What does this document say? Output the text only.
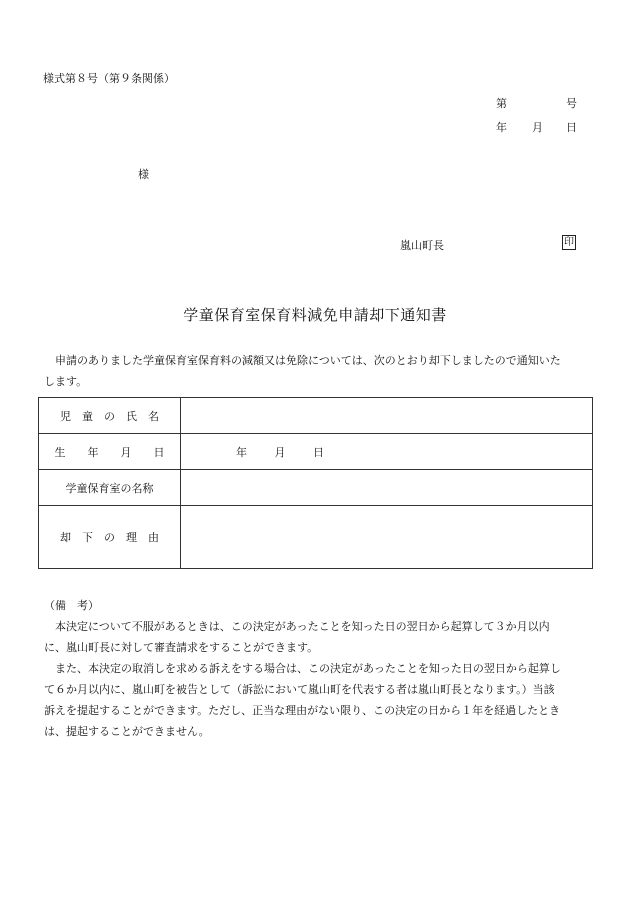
様式第８号（第９条関係）
第	号
年 月 日
様
嵐山町長	印
学童保育室保育料減免申請却下通知書
申請のありました学童保育室保育料の減額又は免除については、次のとおり却下しましたので通知いた
します。
児　童　の　氏　名	
生　　年　　月　　日	年 月 日
学童保育室の名称	
却　下　の　理　由	

（備　考）

本決定について不服があるときは、この決定があったことを知った日の翌日から起算して３か月以内

に、嵐山町長に対して審査請求をすることができます。

また、本決定の取消しを求める訴えをする場合は、この決定があったことを知った日の翌日から起算し

て６か月以内に、嵐山町を被告として（訴訟において嵐山町を代表する者は嵐山町長となります。）当該

訴えを提起することができます。ただし、正当な理由がない限り、この決定の日から１年を経過したとき

は、提起することができません。
